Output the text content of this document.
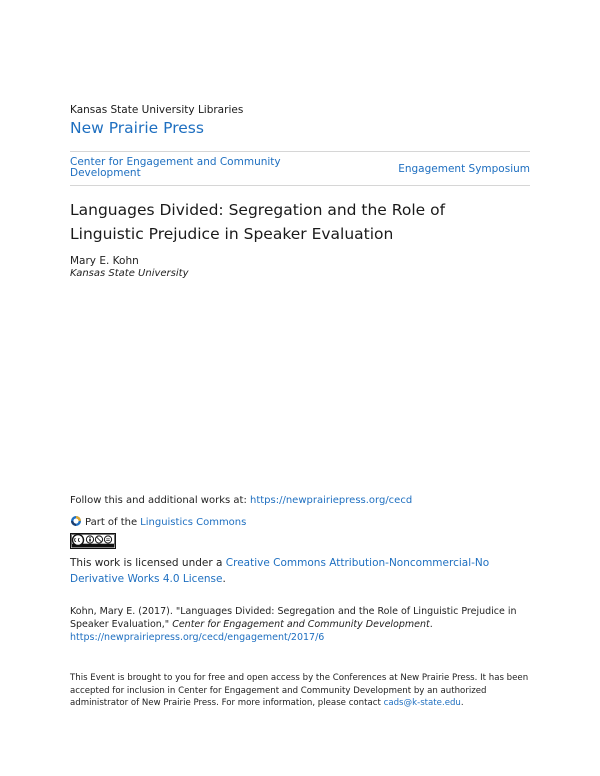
Kansas State University Libraries
New Prairie Press
Center for Engagement and Community Development	Engagement Symposium
Languages Divided: Segregation and the Role of Linguistic Prejudice in Speaker Evaluation
Mary E. Kohn
Kansas State University
Follow this and additional works at: https://newprairiepress.org/cecd
Part of the Linguistics Commons
This work is licensed under a Creative Commons Attribution-Noncommercial-No Derivative Works 4.0 License.
Kohn, Mary E. (2017). "Languages Divided: Segregation and the Role of Linguistic Prejudice in Speaker Evaluation," Center for Engagement and Community Development. https://newprairiepress.org/cecd/engagement/2017/6
This Event is brought to you for free and open access by the Conferences at New Prairie Press. It has been accepted for inclusion in Center for Engagement and Community Development by an authorized administrator of New Prairie Press. For more information, please contact cads@k-state.edu.
